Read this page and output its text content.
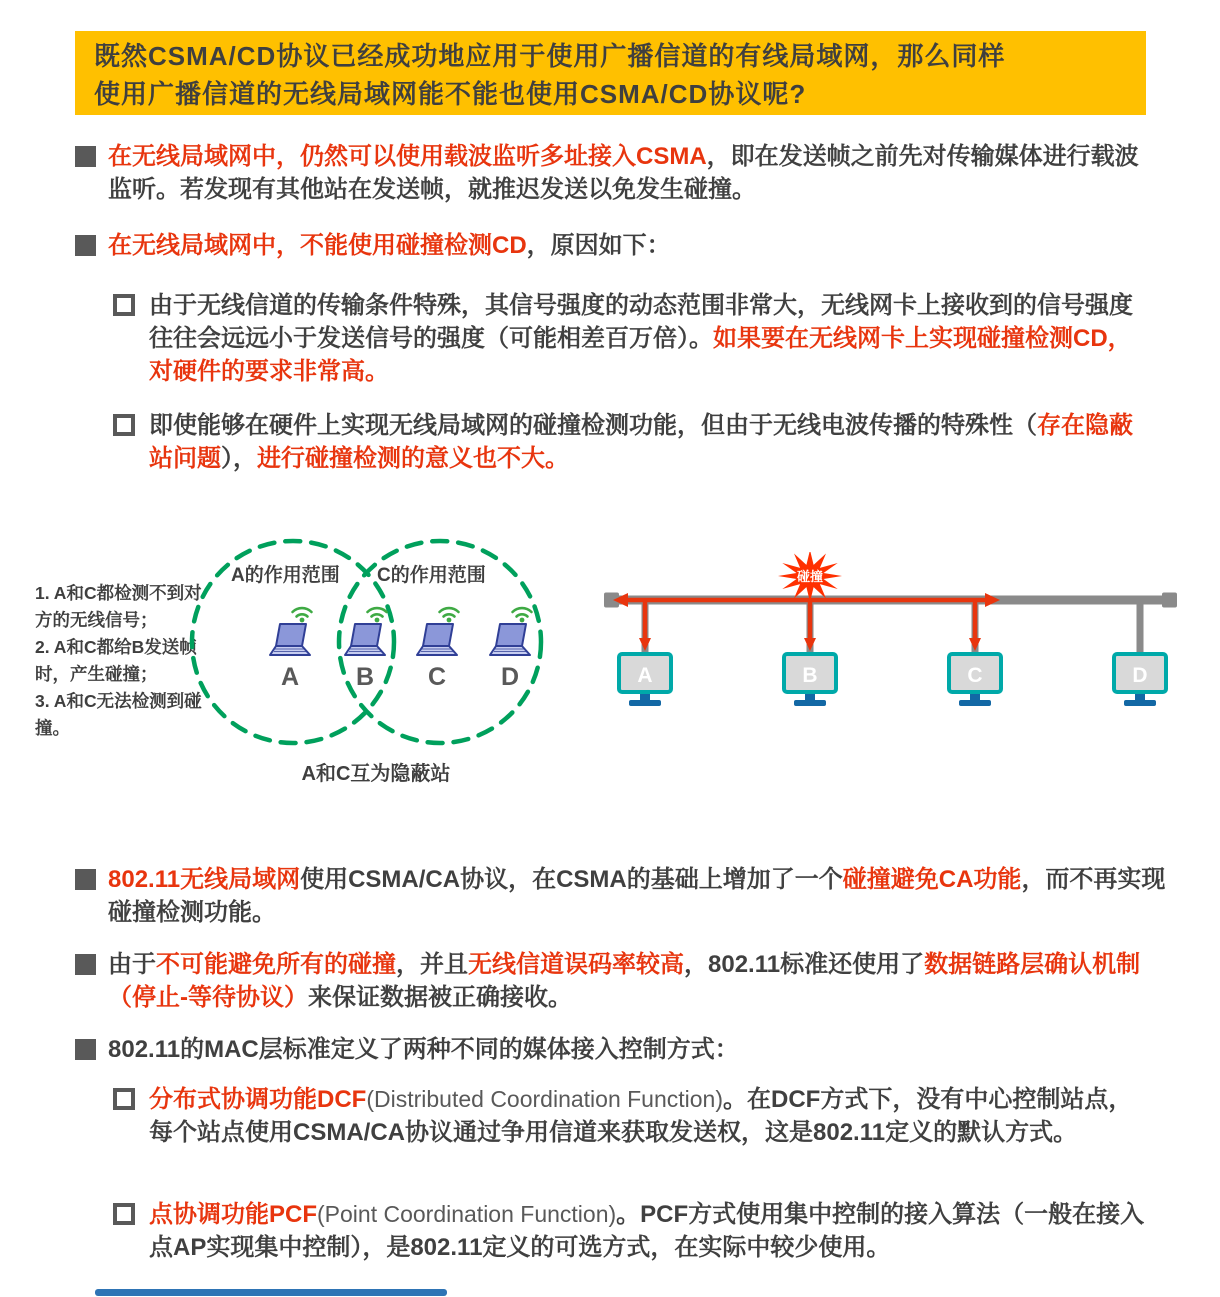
既然CSMA/CD协议已经成功地应用于使用广播信道的有线局域网，那么同样
使用广播信道的无线局域网能不能也使用CSMA/CD协议呢?

在无线局域网中，仍然可以使用载波监听多址接入CSMA，即在发送帧之前先对传输媒体进行载波监听。若发现有其他站在发送帧，就推迟发送以免发生碰撞。

在无线局域网中，不能使用碰撞检测CD，原因如下：

由于无线信道的传输条件特殊，其信号强度的动态范围非常大，无线网卡上接收到的信号强度往往会远远小于发送信号的强度（可能相差百万倍）。如果要在无线网卡上实现碰撞检测CD，对硬件的要求非常高。

即使能够在硬件上实现无线局域网的碰撞检测功能，但由于无线电波传播的特殊性（存在隐蔽站问题），进行碰撞检测的意义也不大。

1. A和C都检测不到对方的无线信号；
2. A和C都给B发送帧时，产生碰撞；
3. A和C无法检测到碰撞。
A B C D
A的作用范围 C的作用范围
A和C互为隐蔽站
碰撞
A	B	C	D

802.11无线局域网使用CSMA/CA协议，在CSMA的基础上增加了一个碰撞避免CA功能，而不再实现碰撞检测功能。

由于不可能避免所有的碰撞，并且无线信道误码率较高，802.11标准还使用了数据链路层确认机制（停止-等待协议）来保证数据被正确接收。

802.11的MAC层标准定义了两种不同的媒体接入控制方式：

分布式协调功能DCF(Distributed Coordination Function)。在DCF方式下，没有中心控制站点，每个站点使用CSMA/CA协议通过争用信道来获取发送权，这是802.11定义的默认方式。

点协调功能PCF(Point Coordination Function)。PCF方式使用集中控制的接入算法（一般在接入点AP实现集中控制），是802.11定义的可选方式，在实际中较少使用。
